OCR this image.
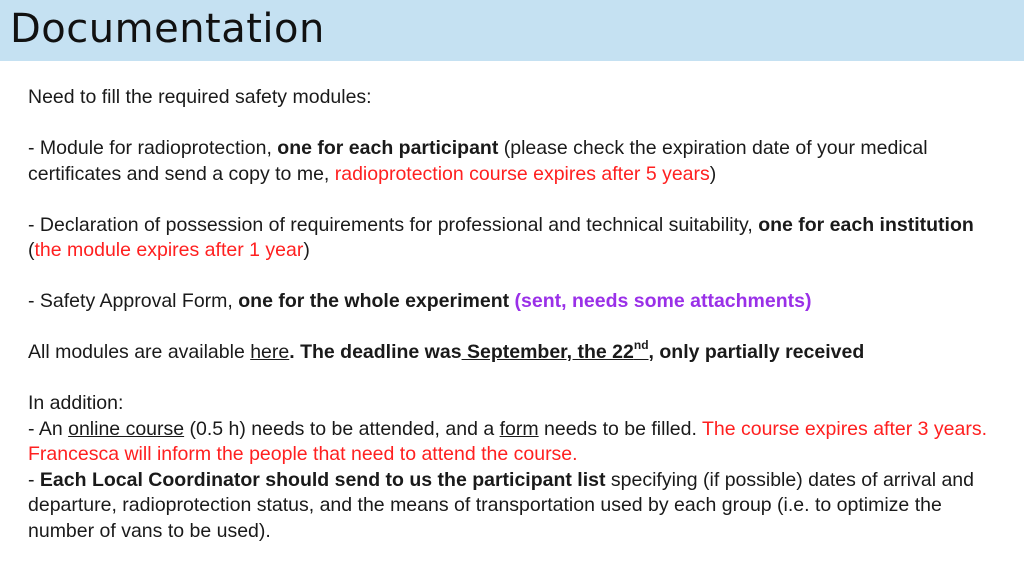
Documentation

Need to fill the required safety modules:

- Module for radioprotection, one for each participant (please check the expiration date of your medical certificates and send a copy to me, radioprotection course expires after 5 years)

- Declaration of possession of requirements for professional and technical suitability, one for each institution (the module expires after 1 year)

- Safety Approval Form, one for the whole experiment (sent, needs some attachments)

All modules are available here. The deadline was September, the 22nd, only partially received

In addition:

- An online course (0.5 h) needs to be attended, and a form needs to be filled. The course expires after 3 years. Francesca will inform the people that need to attend the course.

- Each Local Coordinator should send to us the participant list specifying (if possible) dates of arrival and departure, radioprotection status, and the means of transportation used by each group (i.e. to optimize the number of vans to be used).
